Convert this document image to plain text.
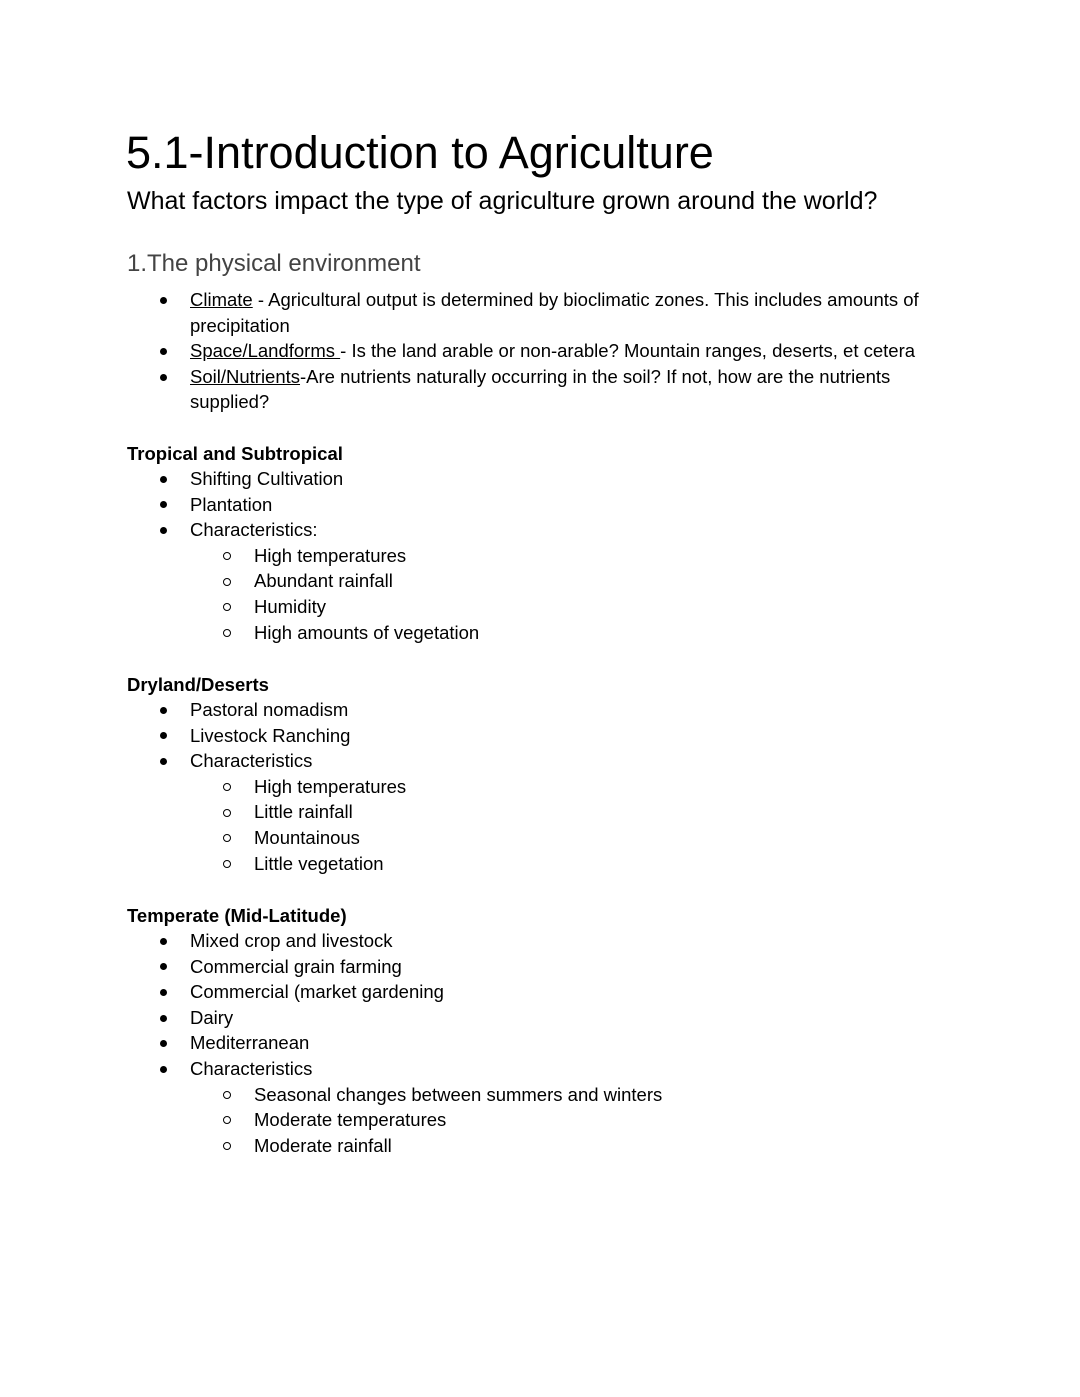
5.1-Introduction to Agriculture
What factors impact the type of agriculture grown around the world?
1.The physical environment
Climate - Agricultural output is determined by bioclimatic zones. This includes amounts of precipitation
Space/Landforms - Is the land arable or non-arable? Mountain ranges, deserts, et cetera
Soil/Nutrients-Are nutrients naturally occurring in the soil? If not, how are the nutrients supplied?
Tropical and Subtropical
Shifting Cultivation
Plantation
Characteristics:
High temperatures
Abundant rainfall
Humidity
High amounts of vegetation
Dryland/Deserts
Pastoral nomadism
Livestock Ranching
Characteristics
High temperatures
Little rainfall
Mountainous
Little vegetation
Temperate (Mid-Latitude)
Mixed crop and livestock
Commercial grain farming
Commercial (market gardening
Dairy
Mediterranean
Characteristics
Seasonal changes between summers and winters
Moderate temperatures
Moderate rainfall
